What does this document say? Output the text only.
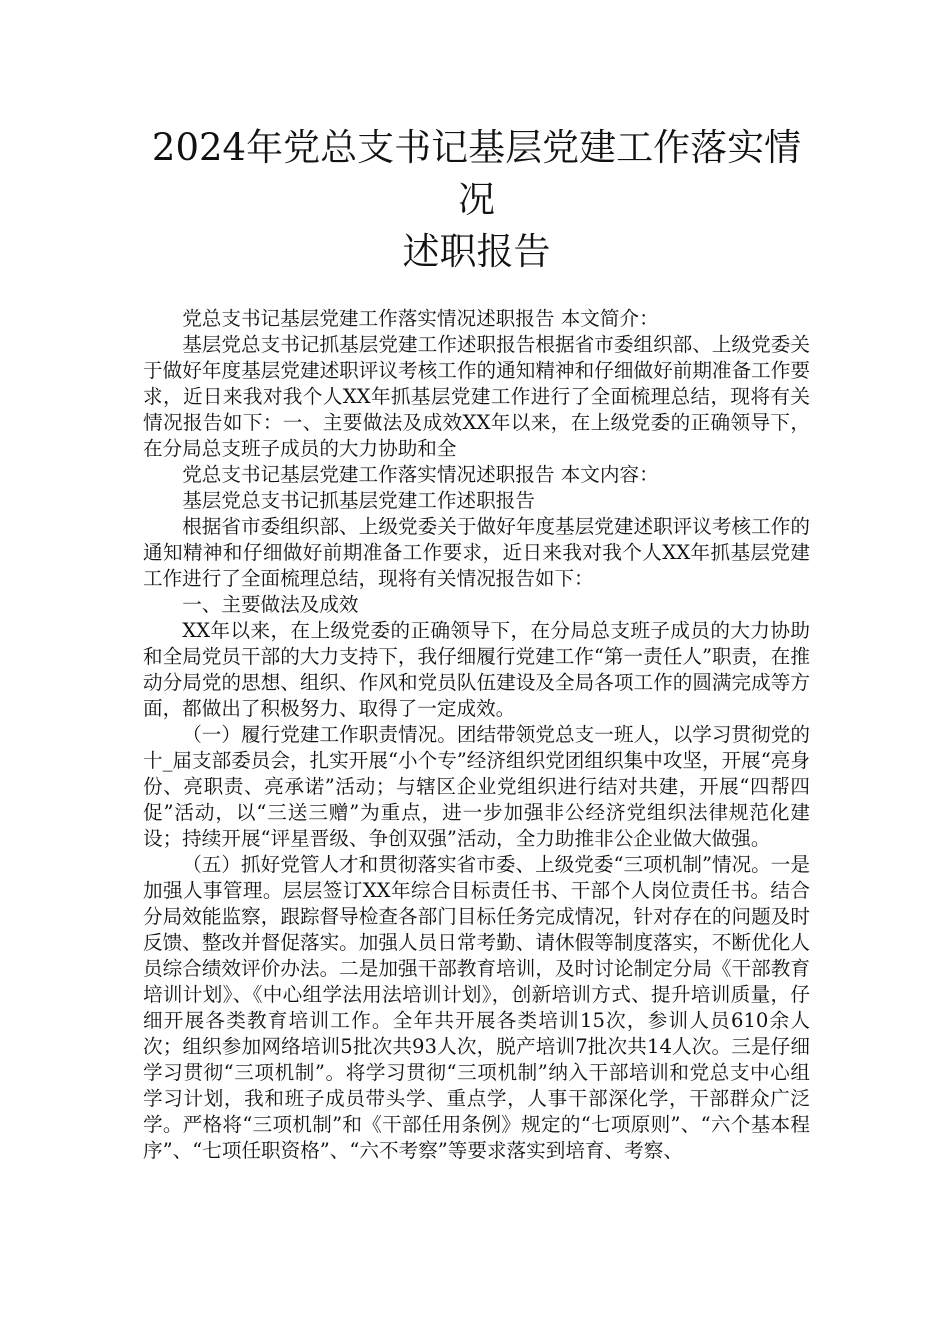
2024年党总支书记基层党建工作落实情况
述职报告

党总支书记基层党建工作落实情况述职报告 本文简介：

基层党总支书记抓基层党建工作述职报告根据省市委组织部、上级党委关于做好年度基层党建述职评议考核工作的通知精神和仔细做好前期准备工作要求，近日来我对我个人XX年抓基层党建工作进行了全面梳理总结，现将有关情况报告如下：一、主要做法及成效XX年以来，在上级党委的正确领导下，在分局总支班子成员的大力协助和全

党总支书记基层党建工作落实情况述职报告 本文内容：

基层党总支书记抓基层党建工作述职报告

根据省市委组织部、上级党委关于做好年度基层党建述职评议考核工作的通知精神和仔细做好前期准备工作要求，近日来我对我个人XX年抓基层党建工作进行了全面梳理总结，现将有关情况报告如下：

一、主要做法及成效

XX年以来，在上级党委的正确领导下，在分局总支班子成员的大力协助和全局党员干部的大力支持下，我仔细履行党建工作“第一责任人”职责，在推动分局党的思想、组织、作风和党员队伍建设及全局各项工作的圆满完成等方面，都做出了积极努力、取得了一定成效。

（一）履行党建工作职责情况。团结带领党总支一班人，以学习贯彻党的十_届支部委员会，扎实开展“小个专”经济组织党团组织集中攻坚，开展“亮身份、亮职责、亮承诺”活动；与辖区企业党组织进行结对共建，开展“四帮四促”活动，以“三送三赠”为重点，进一步加强非公经济党组织法律规范化建设；持续开展“评星晋级、争创双强”活动，全力助推非公企业做大做强。

（五）抓好党管人才和贯彻落实省市委、上级党委“三项机制”情况。一是加强人事管理。层层签订XX年综合目标责任书、干部个人岗位责任书。结合分局效能监察，跟踪督导检查各部门目标任务完成情况，针对存在的问题及时反馈、整改并督促落实。加强人员日常考勤、请休假等制度落实，不断优化人员综合绩效评价办法。二是加强干部教育培训，及时讨论制定分局《干部教育培训计划》、《中心组学法用法培训计划》，创新培训方式、提升培训质量，仔细开展各类教育培训工作。全年共开展各类培训15次，参训人员610余人次；组织参加网络培训5批次共93人次，脱产培训7批次共14人次。三是仔细学习贯彻“三项机制”。将学习贯彻“三项机制”纳入干部培训和党总支中心组学习计划，我和班子成员带头学、重点学，人事干部深化学，干部群众广泛学。严格将“三项机制”和《干部任用条例》规定的“七项原则”、“六个基本程序”、“七项任职资格”、“六不考察”等要求落实到培育、考察、
